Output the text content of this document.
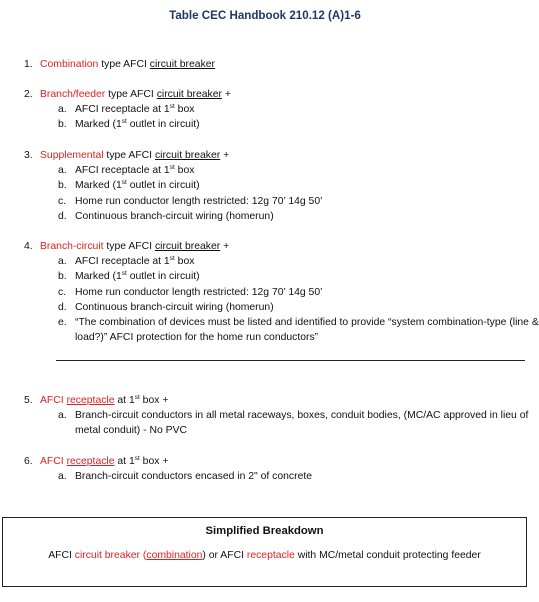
Table CEC Handbook 210.12 (A)1-6
1. Combination type AFCI circuit breaker
2. Branch/feeder type AFCI circuit breaker +
a. AFCI receptacle at 1st box
b. Marked (1st outlet in circuit)
3. Supplemental type AFCI circuit breaker +
a. AFCI receptacle at 1st box
b. Marked (1st outlet in circuit)
c. Home run conductor length restricted: 12g 70’ 14g 50’
d. Continuous branch-circuit wiring (homerun)
4. Branch-circuit type AFCI circuit breaker +
a. AFCI receptacle at 1st box
b. Marked (1st outlet in circuit)
c. Home run conductor length restricted: 12g 70’ 14g 50’
d. Continuous branch-circuit wiring (homerun)
e. “The combination of devices must be listed and identified to provide “system combination-type (line & load?)” AFCI protection for the home run conductors”
5. AFCI receptacle at 1st box +
a. Branch-circuit conductors in all metal raceways, boxes, conduit bodies, (MC/AC approved in lieu of metal conduit) - No PVC
6. AFCI receptacle at 1st box +
a. Branch-circuit conductors encased in 2" of concrete
Simplified Breakdown
AFCI circuit breaker (combination) or AFCI receptacle with MC/metal conduit protecting feeder
